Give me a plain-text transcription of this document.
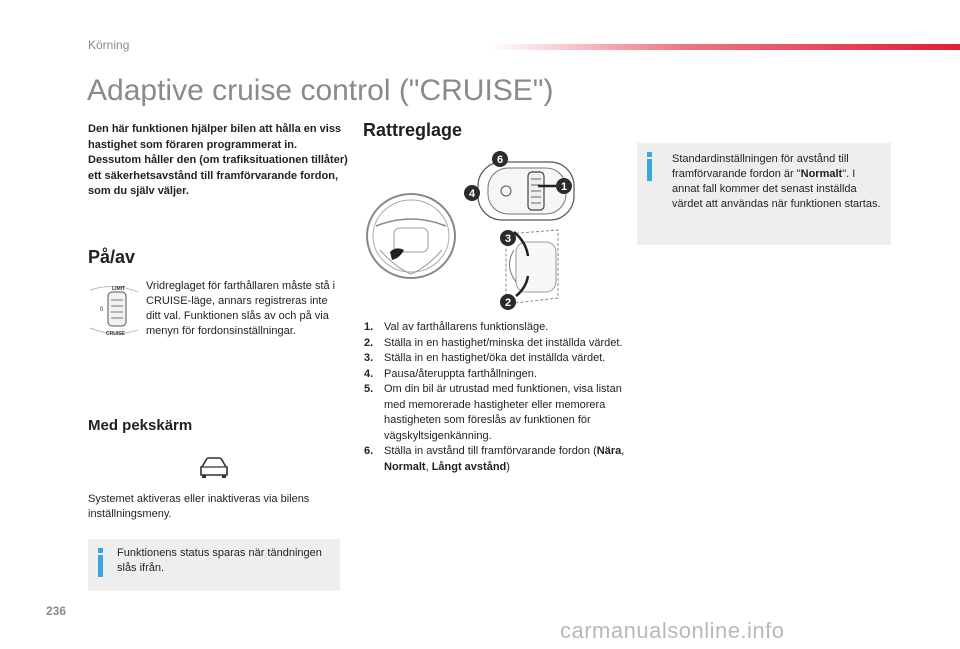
Körning
Adaptive cruise control ("CRUISE")
Den här funktionen hjälper bilen att hålla en viss hastighet som föraren programmerat in. Dessutom håller den (om trafiksituationen tillåter) ett säkerhetsavstånd till framförvarande fordon, som du själv väljer.
På/av
LIMIT
0
CRUISE
Vridreglaget för farthållaren måste stå i CRUISE-läge, annars registreras inte ditt val. Funktionen slås av och på via menyn för fordonsinställningar.
Med pekskärm
Systemet aktiveras eller inaktiveras via bilens inställningsmeny.
Funktionens status sparas när tändningen slås ifrån.
Rattreglage
6
4
1
3
2
1. Val av farthållarens funktionsläge.
2. Ställa in en hastighet/minska det inställda värdet.
3. Ställa in en hastighet/öka det inställda värdet.
4. Pausa/återuppta farthållningen.
5. Om din bil är utrustad med funktionen, visa listan med memorerade hastigheter eller memorera hastigheten som föreslås av funktionen för vägskyltsigenkänning.
6. Ställa in avstånd till framförvarande fordon (Nära, Normalt, Långt avstånd)
Standardinställningen för avstånd till framförvarande fordon är "Normalt". I annat fall kommer det senast inställda värdet att användas när funktionen startas.
236
carmanualsonline.info
